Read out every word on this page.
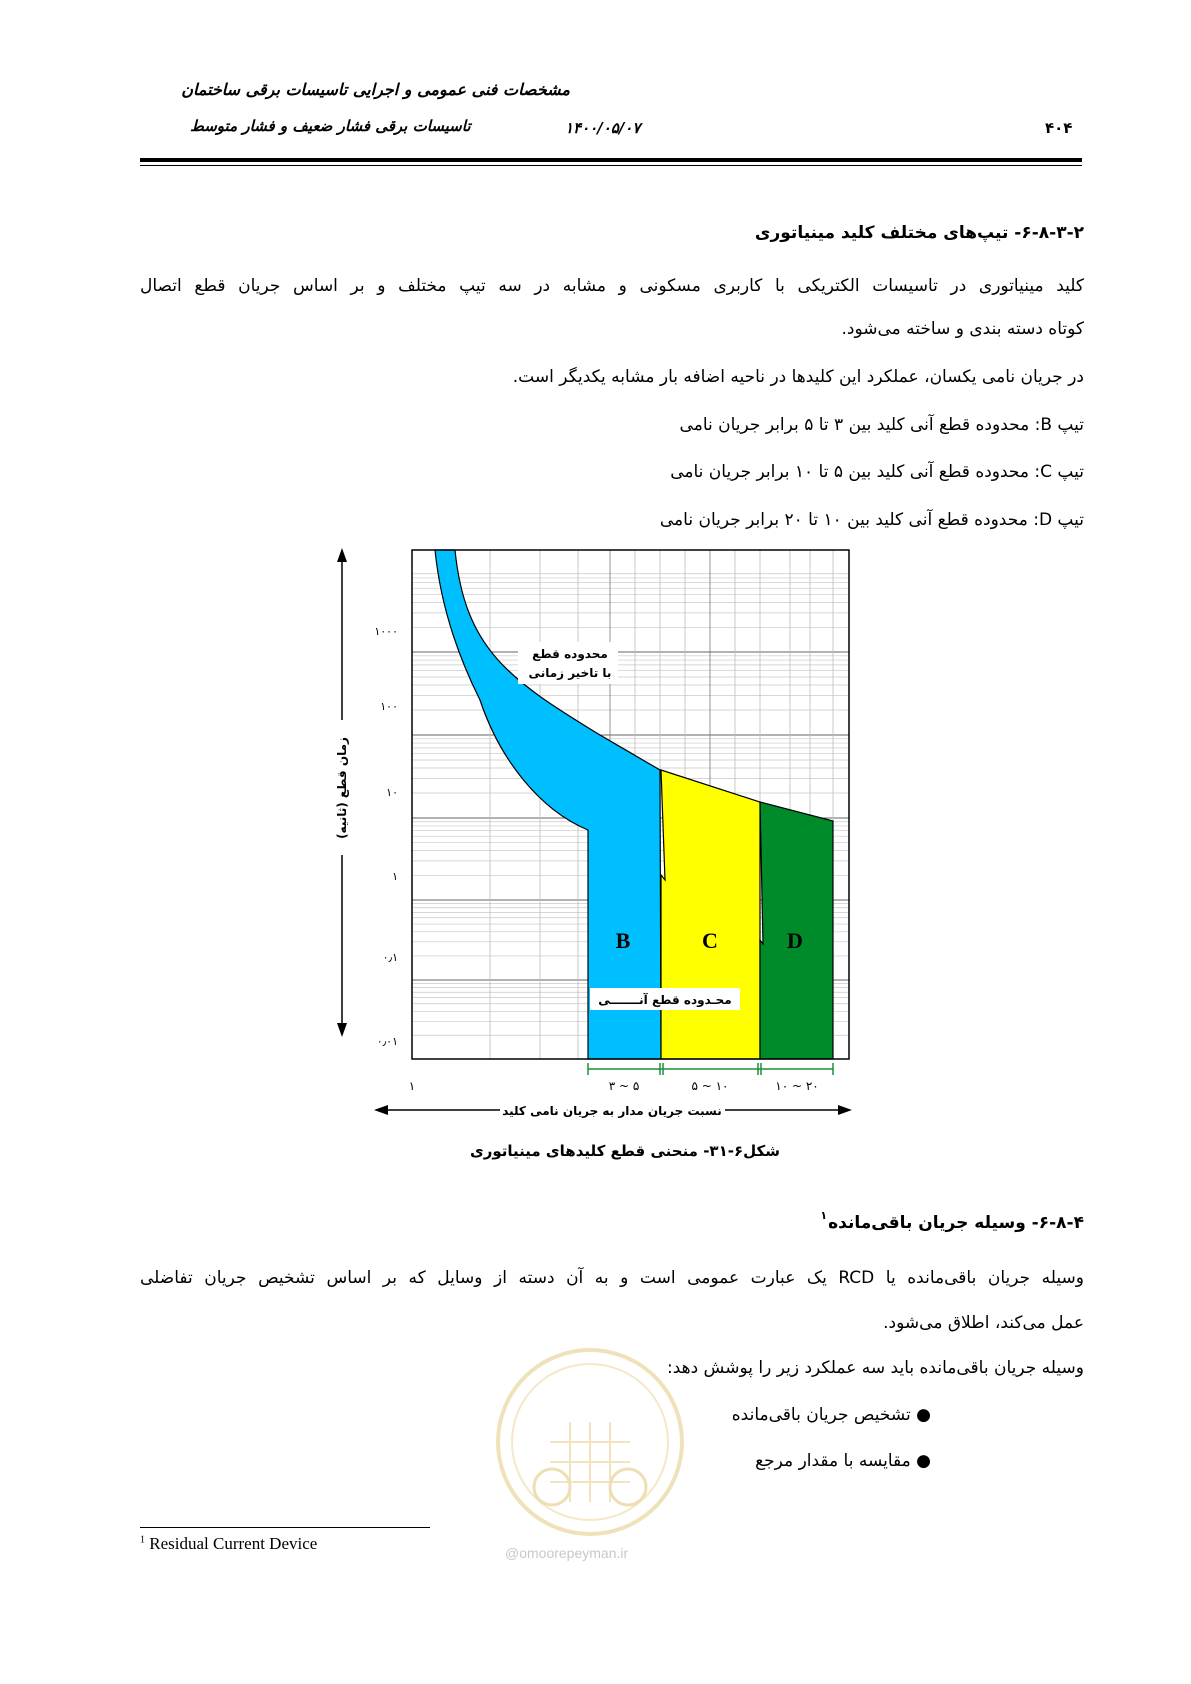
مشخصات فنی عمومی و اجرایی تاسیسات برقی ساختمان
تاسیسات برقی فشار ضعیف و فشار متوسط	۱۴۰۰/۰۵/۰۷	۴۰۴
۶-۸-۳-۲- تیپ‌های مختلف کلید مینیاتوری
کلید مینیاتوری در تاسیسات الکتریکی با کاربری مسکونی و مشابه در سه تیپ مختلف و بر اساس جریان قطع اتصال
کوتاه دسته بندی و ساخته می‌شود.
در جریان نامی یکسان، عملکرد این کلیدها در ناحیه اضافه بار مشابه یکدیگر است.
تیپ B: محدوده قطع آنی کلید بین ۳ تا ۵ برابر جریان نامی
تیپ C: محدوده قطع آنی کلید بین ۵ تا ۱۰ برابر جریان نامی
تیپ D: محدوده قطع آنی کلید بین ۱۰ تا ۲۰ برابر جریان نامی
زمان قطع (ثانیه)
۱۰۰۰
۱۰۰
۱۰
۱
۰٫۱
۰٫۰۱
محدوده قطع
با تاخیر زمانی
B	C	D
محـدوده قطع آنـــــــی
۱	۳ ~ ۵	۵ ~ ۱۰	۱۰ ~ ۲۰
نسبت جریان مدار به جریان نامی کلید
شکل۶-۳۱- منحنی قطع کلیدهای مینیاتوری
۶-۸-۴- وسیله جریان باقی‌مانده
۱
وسیله جریان باقی‌مانده یا RCD یک عبارت عمومی است و به آن دسته از وسایل که بر اساس تشخیص جریان تفاضلی
عمل می‌کند، اطلاق می‌شود.
وسیله جریان باقی‌مانده باید سه عملکرد زیر را پوشش دهد:
@omoorepeyman.ir
● تشخیص جریان باقی‌مانده
● مقایسه با مقدار مرجع
$^1$ Residual Current Device
